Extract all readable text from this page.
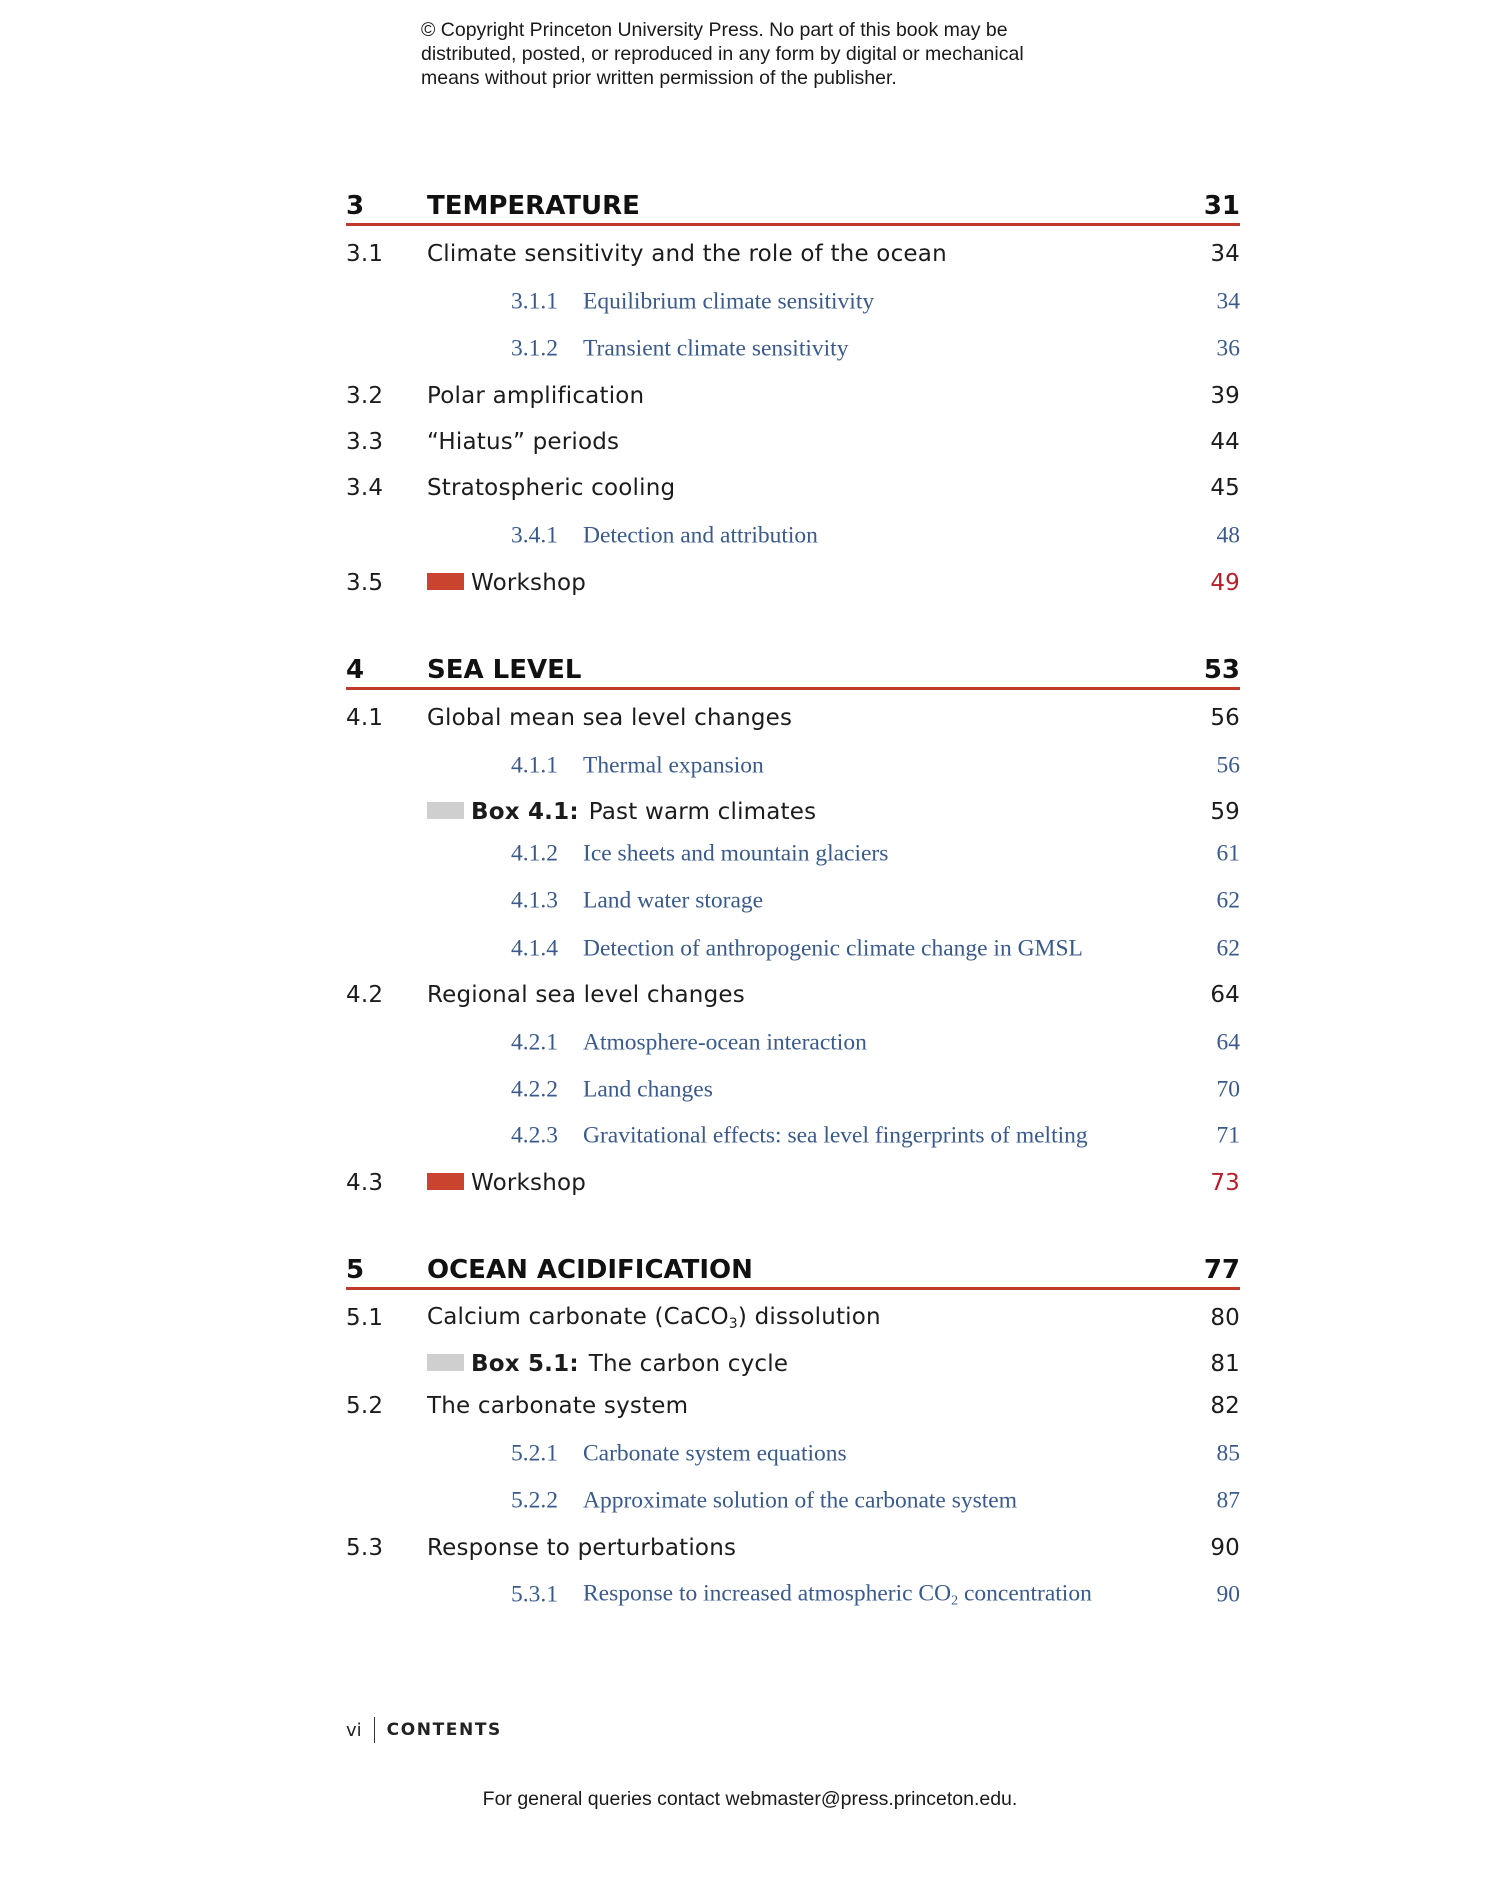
© Copyright Princeton University Press. No part of this book may be
distributed, posted, or reproduced in any form by digital or mechanical
means without prior written permission of the publisher.
3 TEMPERATURE	31
3.1 Climate sensitivity and the role of the ocean	34
3.1.1 Equilibrium climate sensitivity	34
3.1.2 Transient climate sensitivity	36
3.2 Polar amplification	39
3.3 “Hiatus” periods	44
3.4 Stratospheric cooling	45
3.4.1 Detection and attribution	48
3.5	Workshop	49
4 SEA LEVEL	53
4.1 Global mean sea level changes	56
4.1.1 Thermal expansion	56
Box 4.1: Past warm climates	59
4.1.2 Ice sheets and mountain glaciers	61
4.1.3 Land water storage	62
4.1.4 Detection of anthropogenic climate change in GMSL	62
4.2 Regional sea level changes	64
4.2.1 Atmosphere-ocean interaction	64
4.2.2 Land changes	70
4.2.3 Gravitational effects: sea level fingerprints of melting	71
4.3	Workshop	73
5 OCEAN ACIDIFICATION	77
5.1 Calcium carbonate (CaCO$_3$) dissolution	80
Box 5.1: The carbon cycle	81
5.2 The carbonate system	82
5.2.1 Carbonate system equations	85
5.2.2 Approximate solution of the carbonate system	87
5.3 Response to perturbations	90
5.3.1 Response to increased atmospheric $CO_2$ concentration	90
vi CONTENTS
For general queries contact webmaster@press.princeton.edu.
